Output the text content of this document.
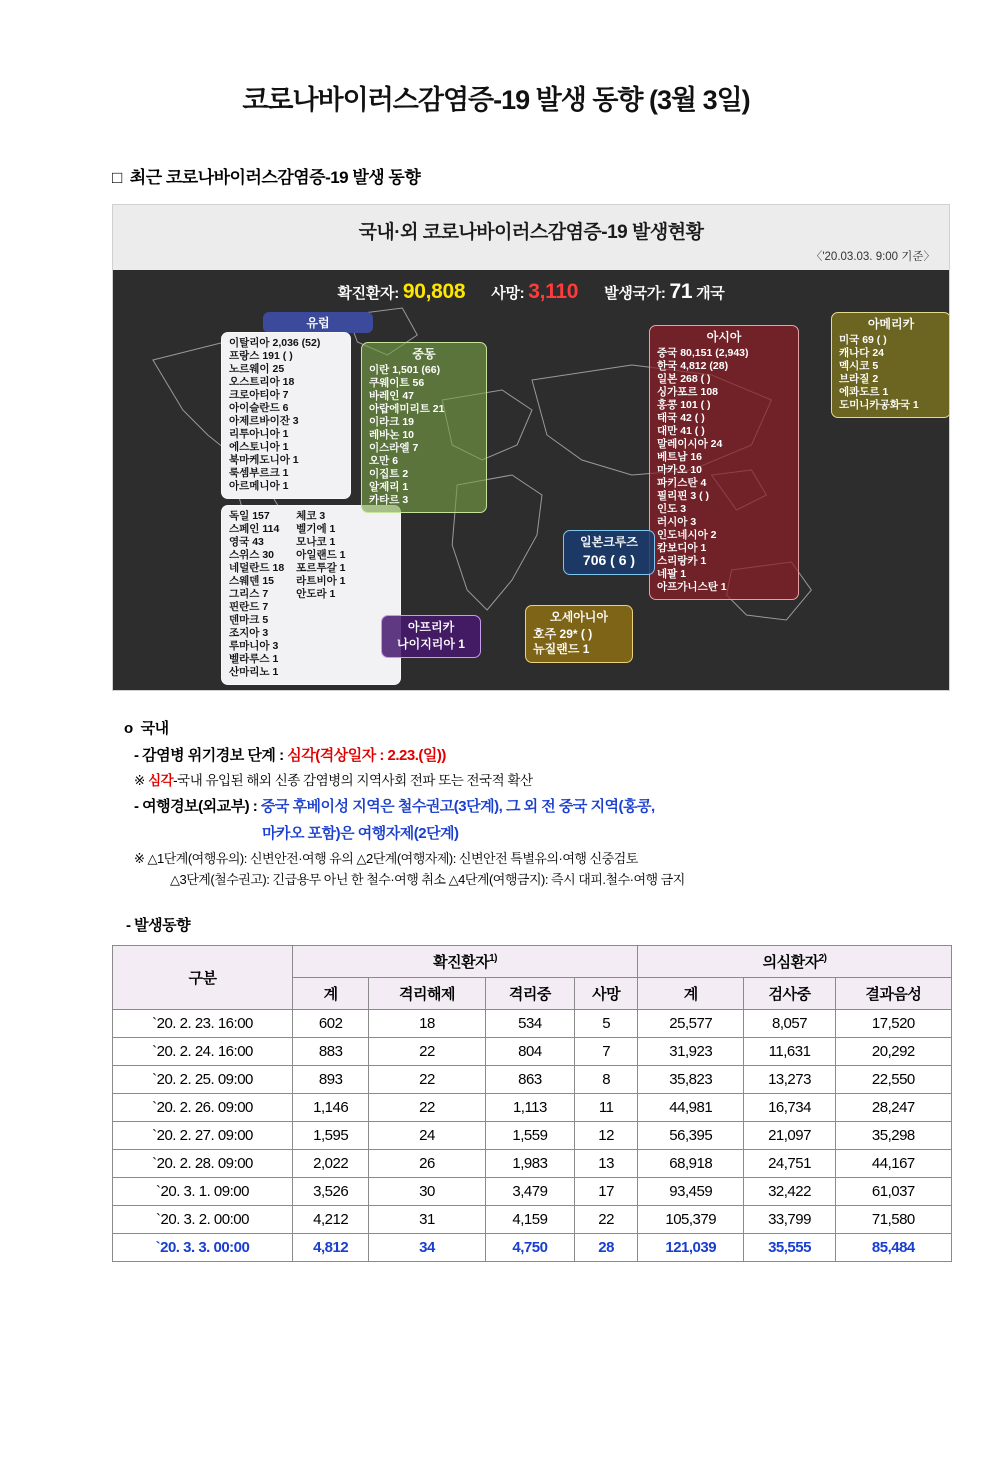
코로나바이러스감염증-19 발생 동향 (3월 3일)
□ 최근 코로나바이러스감염증-19 발생 동향
국내·외 코로나바이러스감염증-19 발생현황
〈'20.03.03. 9:00 기준〉
확진환자: 90,808 사망: 3,110 발생국가: 71 개국
유럽
이탈리아 2,036 (52)
프랑스 191 ( )
노르웨이 25
오스트리아 18
크로아티아 7
아이슬란드 6
아제르바이잔 3
리투아니아 1
에스토니아 1
북마케도니아 1
룩셈부르크 1
아르메니아 1
독일 157
스페인 114
영국 43
스위스 30
네덜란드 18
스웨덴 15
그리스 7
핀란드 7
덴마크 5
조지아 3
루마니아 3
벨라루스 1
산마리노 1
체코 3
벨기에 1
모나코 1
아일랜드 1
포르투갈 1
라트비아 1
안도라 1
중동
이란 1,501 (66)
쿠웨이트 56
바레인 47
아랍에미리트 21
이라크 19
레바논 10
이스라엘 7
오만 6
이집트 2
알제리 1
카타르 3
아시아
중국 80,151 (2,943)
한국 4,812 (28)
일본 268 ( )
싱가포르 108
홍콩 101 ( )
태국 42 ( )
대만 41 ( )
말레이시아 24
베트남 16
마카오 10
파키스탄 4
필리핀 3 ( )
인도 3
러시아 3
인도네시아 2
캄보디아 1
스리랑카 1
네팔 1
아프가니스탄 1
아메리카
미국 69 ( )
캐나다 24
멕시코 5
브라질 2
에콰도르 1
도미니카공화국 1
일본크루즈
706 ( 6 )
아프리카
나이지리아 1
오세아니아
호주 29* ( )
뉴질랜드 1
o 국내
- 감염병 위기경보 단계 : 심각(격상일자 : 2.23.(일))
※ 심각-국내 유입된 해외 신종 감염병의 지역사회 전파 또는 전국적 확산
- 여행경보(외교부) : 중국 후베이성 지역은 철수권고(3단계), 그 외 전 중국 지역(홍콩,
마카오 포함)은 여행자제(2단계)
※ △1단계(여행유의): 신변안전·여행 유의 △2단계(여행자제): 신변안전 특별유의·여행 신중검토
△3단계(철수권고): 긴급용무 아닌 한 철수·여행 취소 △4단계(여행금지): 즉시 대피.철수·여행 금지
- 발생동향
구분	확진환자$^{1)}$				의심환자$^{2)}$
	계	격리해제	격리중	사망	계	검사중	결과음성
`20. 2. 23. 16:00	602	18	534	5	25,577	8,057	17,520
`20. 2. 24. 16:00	883	22	804	7	31,923	11,631	20,292
`20. 2. 25. 09:00	893	22	863	8	35,823	13,273	22,550
`20. 2. 26. 09:00	1,146	22	1,113	11	44,981	16,734	28,247
`20. 2. 27. 09:00	1,595	24	1,559	12	56,395	21,097	35,298
`20. 2. 28. 09:00	2,022	26	1,983	13	68,918	24,751	44,167
`20. 3. 1. 09:00	3,526	30	3,479	17	93,459	32,422	61,037
`20. 3. 2. 00:00	4,212	31	4,159	22	105,379	33,799	71,580
`20. 3. 3. 00:00	4,812	34	4,750	28	121,039	35,555	85,484
